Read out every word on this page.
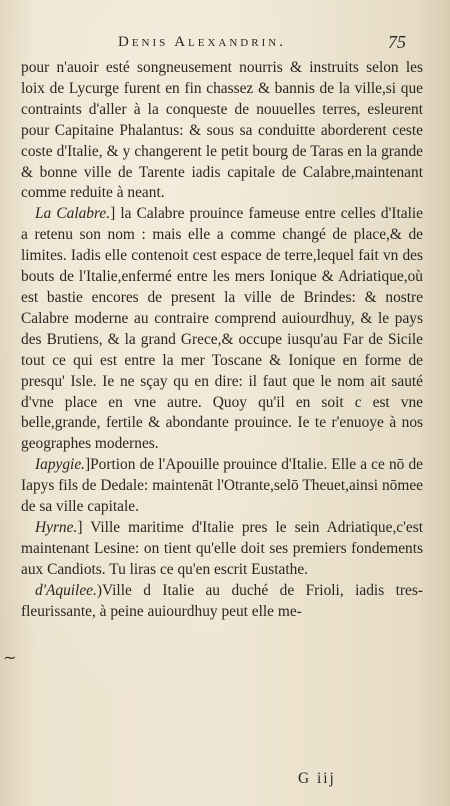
Denis Alexandrin.	75

pour n'auoir esté songneusement nourris & instruits selon les loix de Lycurge furent en fin chassez & bannis de la ville,si que contraints d'aller à la conqueste de nouuelles terres, esleurent pour Capitaine Phalantus: & sous sa conduitte aborderent ceste coste d'Italie, & y changerent le petit bourg de Taras en la grande & bonne ville de Tarente iadis capitale de Calabre,maintenant comme reduite à neant.

La Calabre.] la Calabre prouince fameuse entre celles d'Italie a retenu son nom : mais elle a comme changé de place,& de limites. Iadis elle contenoit cest espace de terre,lequel fait vn des bouts de l'Italie,enfermé entre les mers Ionique & Adriatique,où est bastie encores de present la ville de Brindes: & nostre Calabre moderne au contraire comprend auiourdhuy, & le pays des Brutiens, & la grand Grece,& occupe iusqu'au Far de Sicile tout ce qui est entre la mer Toscane & Ionique en forme de presqu' Isle. Ie ne sçay qu en dire: il faut que le nom ait sauté d'vne place en vne autre. Quoy qu'il en soit c est vne belle,grande, fertile & abondante prouince. Ie te r'enuoye à nos geographes modernes.

Iapygie.]Portion de l'Apouille prouince d'Italie. Elle a ce nō de Iapys fils de Dedale: maintenāt l'Otrante,selō Theuet,ainsi nōmee de sa ville capitale.

Hyrne.] Ville maritime d'Italie pres le sein Adriatique,c'est maintenant Lesine: on tient qu'elle doit ses premiers fondements aux Candiots. Tu liras ce qu'en escrit Eustathe.

d'Aquilee.)Ville d Italie au duché de Frioli, iadis tres-fleurissante, à peine auiourdhuy peut elle me-

~
G iij
